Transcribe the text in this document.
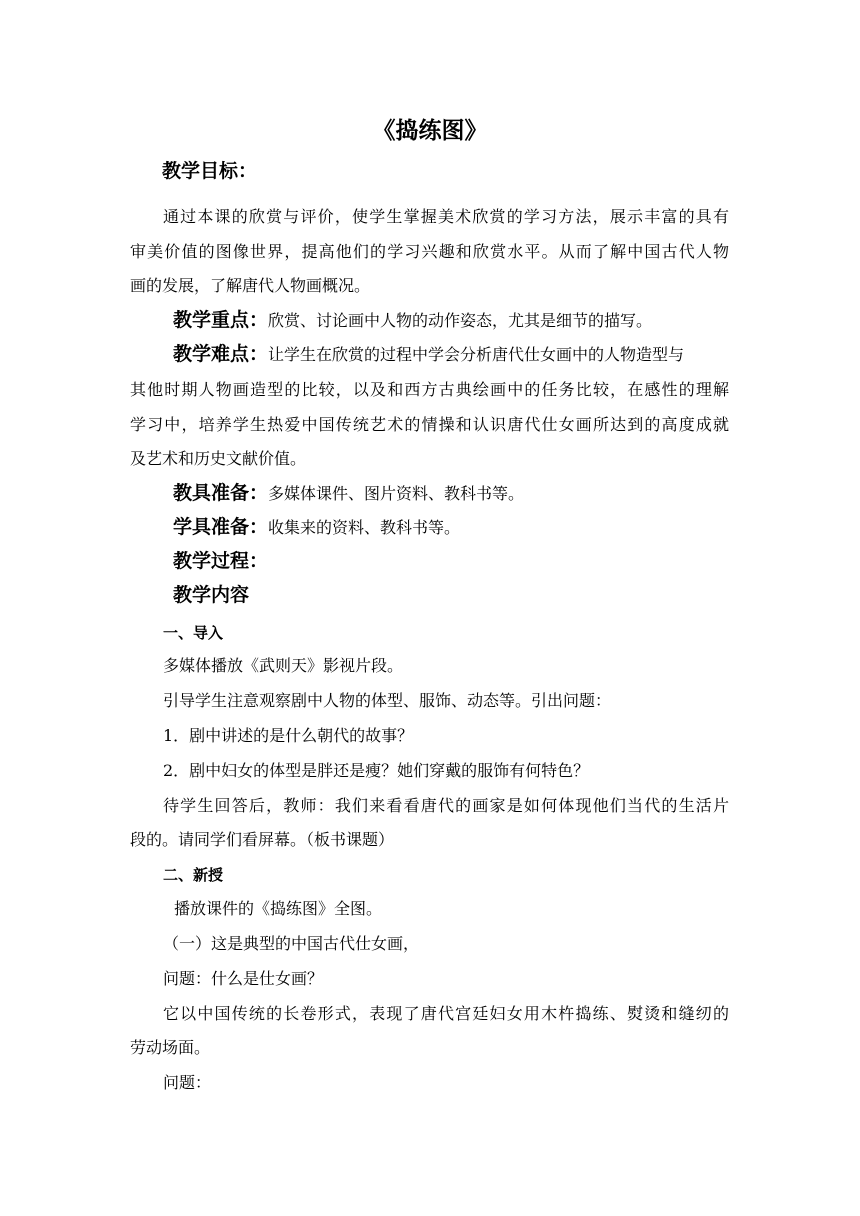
《捣练图》
教学目标：
通过本课的欣赏与评价，使学生掌握美术欣赏的学习方法，展示丰富的具有
审美价值的图像世界，提高他们的学习兴趣和欣赏水平。从而了解中国古代人物
画的发展，了解唐代人物画概况。
教学重点：欣赏、讨论画中人物的动作姿态，尤其是细节的描写。
教学难点：让学生在欣赏的过程中学会分析唐代仕女画中的人物造型与
其他时期人物画造型的比较，以及和西方古典绘画中的任务比较，在感性的理解
学习中，培养学生热爱中国传统艺术的情操和认识唐代仕女画所达到的高度成就
及艺术和历史文献价值。
教具准备：多媒体课件、图片资料、教科书等。
学具准备：收集来的资料、教科书等。
教学过程：
教学内容
一、导入
多媒体播放《武则天》影视片段。
引导学生注意观察剧中人物的体型、服饰、动态等。引出问题：
1．剧中讲述的是什么朝代的故事？
2．剧中妇女的体型是胖还是瘦？她们穿戴的服饰有何特色？
待学生回答后，教师：我们来看看唐代的画家是如何体现他们当代的生活片
段的。请同学们看屏幕。（板书课题）
二、新授
播放课件的《捣练图》全图。
（一）这是典型的中国古代仕女画，
问题：什么是仕女画？
它以中国传统的长卷形式，表现了唐代宫廷妇女用木杵捣练、熨烫和缝纫的
劳动场面。
问题：
